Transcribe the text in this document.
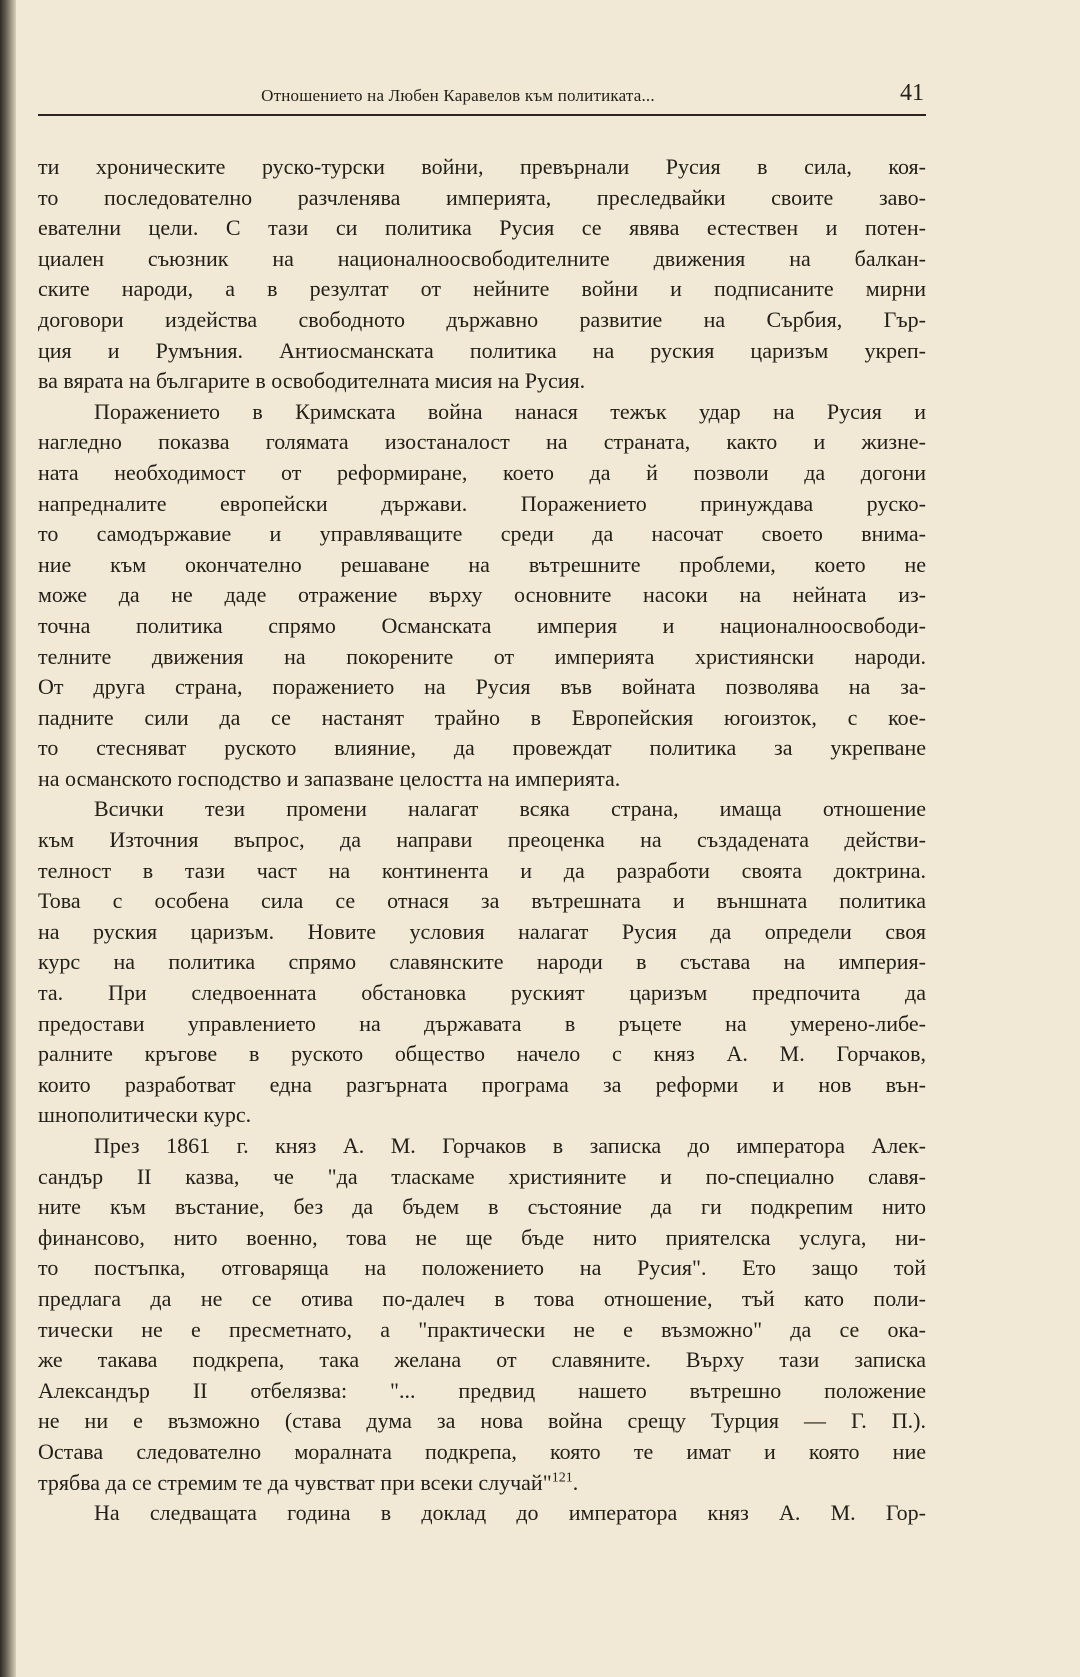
Отношението на Любен Каравелов към политиката...	41
ти хроническите руско-турски войни, превърнали Русия в сила, коя-
то последователно разчленява империята, преследвайки своите заво-
евателни цели. С тази си политика Русия се явява естествен и потен-
циален съюзник на националноосвободителните движения на балкан-
ските народи, а в резултат от нейните войни и подписаните мирни
договори издейства свободното държавно развитие на Сърбия, Гър-
ция и Румъния. Антиосманската политика на руския царизъм укреп-
ва вярата на българите в освободителната мисия на Русия.
Поражението в Кримската война нанася тежък удар на Русия и
нагледно показва голямата изостаналост на страната, както и жизне-
ната необходимост от реформиране, което да й позволи да догони
напредналите европейски държави. Поражението принуждава руско-
то самодържавие и управляващите среди да насочат своето внима-
ние към окончателно решаване на вътрешните проблеми, което не
може да не даде отражение върху основните насоки на нейната из-
точна политика спрямо Османската империя и националноосвободи-
телните движения на покорените от империята християнски народи.
От друга страна, поражението на Русия във войната позволява на за-
падните сили да се настанят трайно в Европейския югоизток, с кое-
то стесняват руското влияние, да провеждат политика за укрепване
на османското господство и запазване целостта на империята.
Всички тези промени налагат всяка страна, имаща отношение
към Източния въпрос, да направи преоценка на създадената действи-
телност в тази част на континента и да разработи своята доктрина.
Това с особена сила се отнася за вътрешната и външната политика
на руския царизъм. Новите условия налагат Русия да определи своя
курс на политика спрямо славянските народи в състава на империя-
та. При следвоенната обстановка руският царизъм предпочита да
предостави управлението на държавата в ръцете на умерено-либе-
ралните кръгове в руското общество начело с княз А. М. Горчаков,
които разработват една разгърната програма за реформи и нов вън-
шнополитически курс.
През 1861 г. княз А. М. Горчаков в записка до императора Алек-
сандър II казва, че "да тласкаме християните и по-специално славя-
ните към въстание, без да бъдем в състояние да ги подкрепим нито
финансово, нито военно, това не ще бъде нито приятелска услуга, ни-
то постъпка, отговаряща на положението на Русия". Ето защо той
предлага да не се отива по-далеч в това отношение, тъй като поли-
тически не е пресметнато, а "практически не е възможно" да се ока-
же такава подкрепа, така желана от славяните. Върху тази записка
Александър II отбелязва: "... предвид нашето вътрешно положение
не ни е възможно (става дума за нова война срещу Турция — Г. П.).
Остава следователно моралната подкрепа, която те имат и която ние
трябва да се стремим те да чувстват при всеки случай"$^{121}$.
На следващата година в доклад до императора княз А. М. Гор-
